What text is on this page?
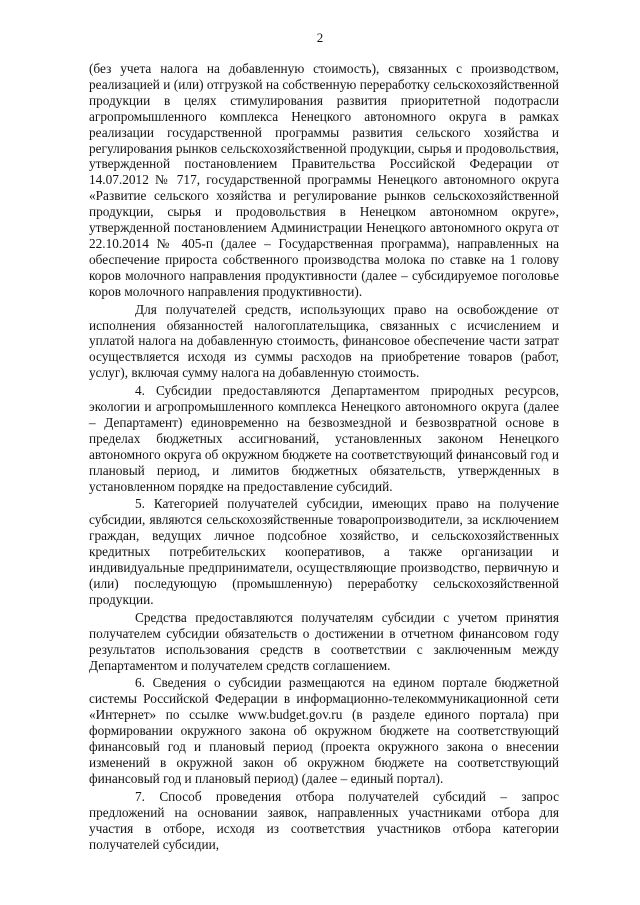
2

(без учета налога на добавленную стоимость), связанных с производством, реализацией и (или) отгрузкой на собственную переработку сельскохозяйственной продукции в целях стимулирования развития приоритетной подотрасли агропромышленного комплекса Ненецкого автономного округа в рамках реализации государственной программы развития сельского хозяйства и регулирования рынков сельскохозяйственной продукции, сырья и продовольствия, утвержденной постановлением Правительства Российской Федерации от 14.07.2012 № 717, государственной программы Ненецкого автономного округа «Развитие сельского хозяйства и регулирование рынков сельскохозяйственной продукции, сырья и продовольствия в Ненецком автономном округе», утвержденной постановлением Администрации Ненецкого автономного округа от 22.10.2014 № 405-п (далее – Государственная программа), направленных на обеспечение прироста собственного производства молока по ставке на 1 голову коров молочного направления продуктивности (далее – субсидируемое поголовье коров молочного направления продуктивности).

Для получателей средств, использующих право на освобождение от исполнения обязанностей налогоплательщика, связанных с исчислением и уплатой налога на добавленную стоимость, финансовое обеспечение части затрат осуществляется исходя из суммы расходов на приобретение товаров (работ, услуг), включая сумму налога на добавленную стоимость.

4. Субсидии предоставляются Департаментом природных ресурсов, экологии и агропромышленного комплекса Ненецкого автономного округа (далее – Департамент) единовременно на безвозмездной и безвозвратной основе в пределах бюджетных ассигнований, установленных законом Ненецкого автономного округа об окружном бюджете на соответствующий финансовый год и плановый период, и лимитов бюджетных обязательств, утвержденных в установленном порядке на предоставление субсидий.

5. Категорией получателей субсидии, имеющих право на получение субсидии, являются сельскохозяйственные товаропроизводители, за исключением граждан, ведущих личное подсобное хозяйство, и сельскохозяйственных кредитных потребительских кооперативов, а также организации и индивидуальные предприниматели, осуществляющие производство, первичную и (или) последующую (промышленную) переработку сельскохозяйственной продукции.

Средства предоставляются получателям субсидии с учетом принятия получателем субсидии обязательств о достижении в отчетном финансовом году результатов использования средств в соответствии с заключенным между Департаментом и получателем средств соглашением.

6. Сведения о субсидии размещаются на едином портале бюджетной системы Российской Федерации в информационно-телекоммуникационной сети «Интернет» по ссылке www.budget.gov.ru (в разделе единого портала) при формировании окружного закона об окружном бюджете на соответствующий финансовый год и плановый период (проекта окружного закона о внесении изменений в окружной закон об окружном бюджете на соответствующий финансовый год и плановый период) (далее – единый портал).

7. Способ проведения отбора получателей субсидий – запрос предложений на основании заявок, направленных участниками отбора для участия в отборе, исходя из соответствия участников отбора категории получателей субсидии,
